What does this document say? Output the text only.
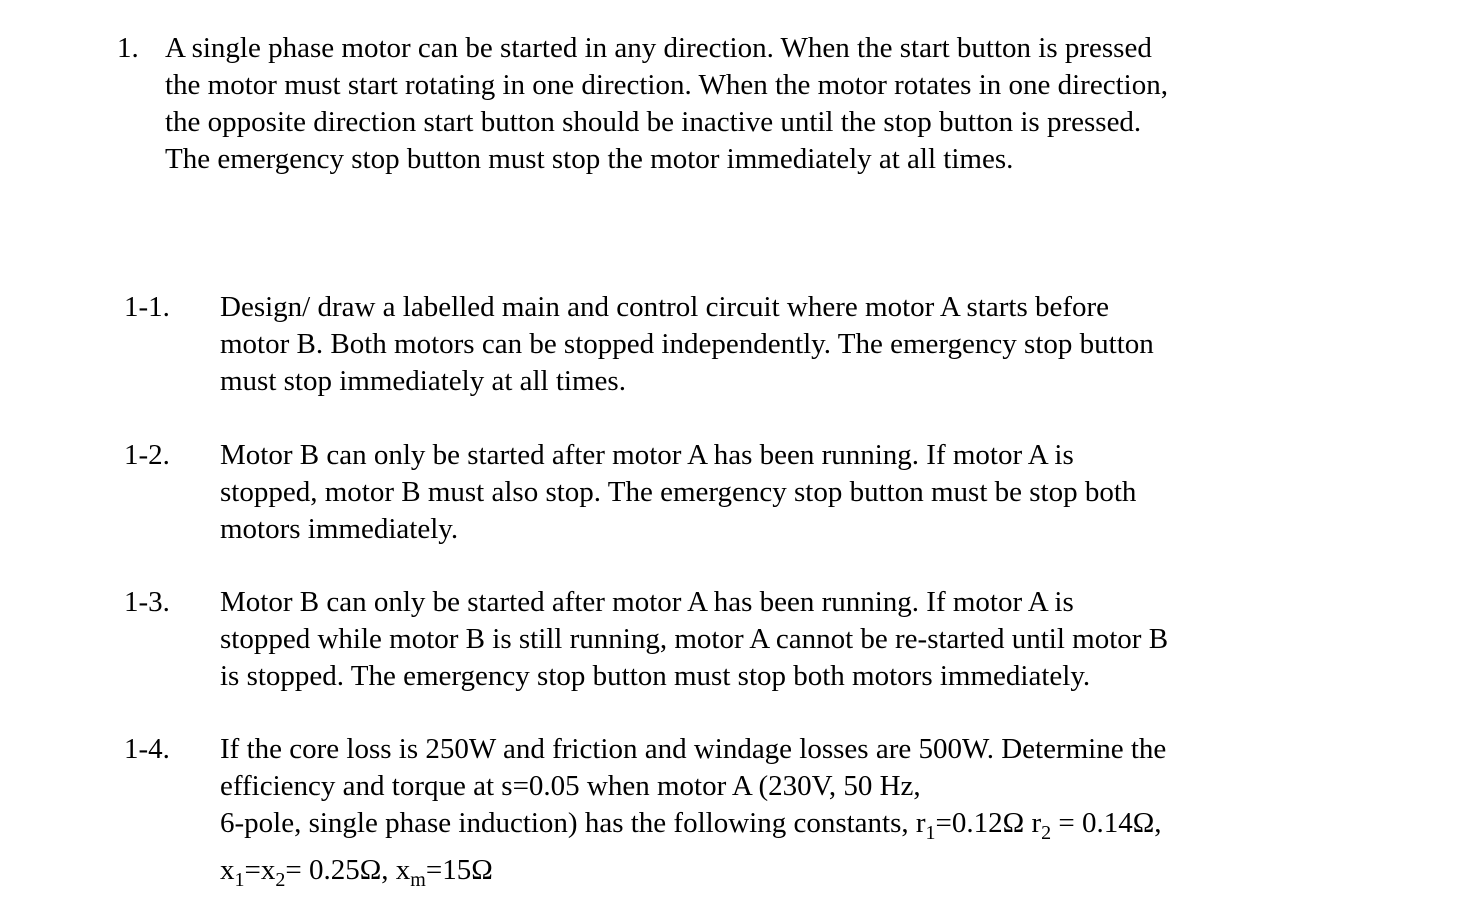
1. A single phase motor can be started in any direction. When the start button is pressed
the motor must start rotating in one direction. When the motor rotates in one direction,
the opposite direction start button should be inactive until the stop button is pressed.
The emergency stop button must stop the motor immediately at all times.
1-1. Design/ draw a labelled main and control circuit where motor A starts before
motor B. Both motors can be stopped independently. The emergency stop button
must stop immediately at all times.
1-2. Motor B can only be started after motor A has been running. If motor A is
stopped, motor B must also stop. The emergency stop button must be stop both
motors immediately.
1-3. Motor B can only be started after motor A has been running. If motor A is
stopped while motor B is still running, motor A cannot be re-started until motor B
is stopped. The emergency stop button must stop both motors immediately.
1-4. If the core loss is 250W and friction and windage losses are 500W. Determine the
efficiency and torque at s=0.05 when motor A (230V, 50 Hz,
6-pole, single phase induction) has the following constants, $r_1=0.12\Omega$ $r_2 = 0.14\Omega$,
$x_1=x_2= 0.25\Omega$, $x_m=15\Omega$
